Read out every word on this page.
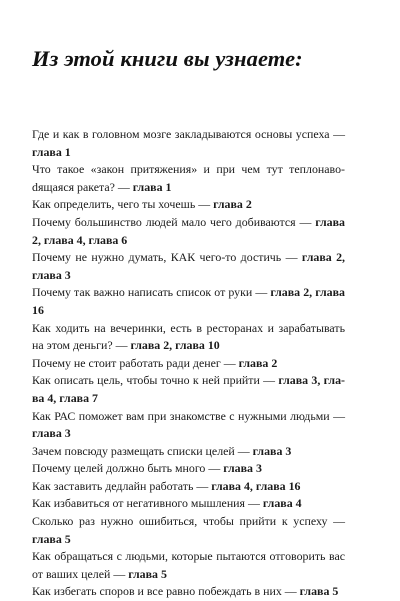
Из этой книги вы узнаете:
Где и как в головном мозге закладываются основы успеха — глава 1
Что такое «закон притяжения» и при чем тут теплонавоdящаяся ракета? — глава 1
Как определить, чего ты хочешь — глава 2
Почему большинство людей мало чего добиваются — глава 2, глава 4, глава 6
Почему не нужно думать, КАК чего-то достичь — глава 2, глава 3
Почему так важно написать список от руки — глава 2, глава 16
Как ходить на вечеринки, есть в ресторанах и зарабатывать на этом деньги? — глава 2, глава 10
Почему не стоит работать ради денег — глава 2
Как описать цель, чтобы точно к ней прийти — глава 3, глава 4, глава 7
Как РАС поможет вам при знакомстве с нужными людьми — глава 3
Зачем повсюду размещать списки целей — глава 3
Почему целей должно быть много — глава 3
Как заставить дедлайн работать — глава 4, глава 16
Как избавиться от негативного мышления — глава 4
Сколько раз нужно ошибиться, чтобы прийти к успеху — глава 5
Как обращаться с людьми, которые пытаются отговорить вас от ваших целей — глава 5
Как избегать споров и все равно побеждать в них — глава 5
